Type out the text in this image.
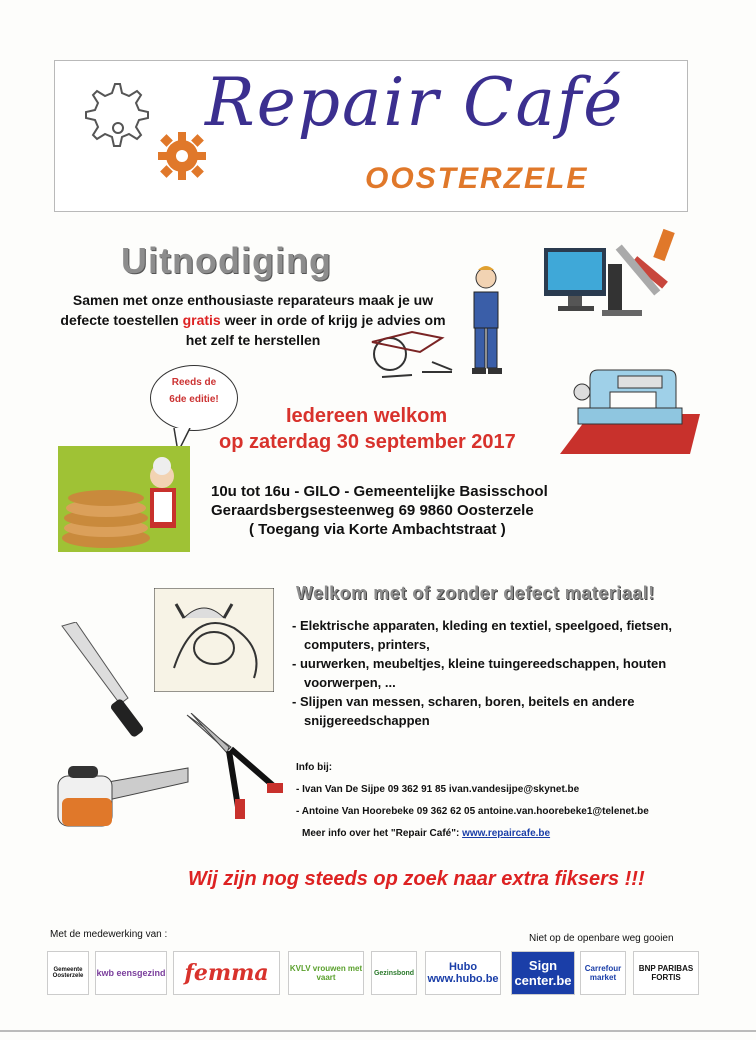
Repair Café
OOSTERZELE
Uitnodiging
Samen met onze enthousiaste reparateurs maak je uw defecte toestellen gratis weer in orde of krijg je advies om het zelf te herstellen
Reeds de
6de editie!
Iedereen welkom
op zaterdag 30 september 2017
10u tot 16u - GILO - Gemeentelijke Basisschool
Geraardsbergsesteenweg 69 9860 Oosterzele
( Toegang via Korte Ambachtstraat )
Welkom met of zonder defect materiaal!
- Elektrische apparaten, kleding en textiel, speelgoed, fietsen, computers, printers,
- uurwerken, meubeltjes, kleine tuingereedschappen, houten voorwerpen, ...
- Slijpen van messen, scharen, boren, beitels en andere snijgereedschappen
Info bij:
- Ivan Van De Sijpe 09 362 91 85 ivan.vandesijpe@skynet.be
- Antoine Van Hoorebeke 09 362 62 05 antoine.van.hoorebeke1@telenet.be
Meer info over het "Repair Café": www.repaircafe.be
Wij zijn nog steeds op zoek naar extra fiksers !!!
Met de medewerking van :	Niet op de openbare weg gooien
Gemeente Oosterzele	kwb eensgezind femma	KVLV vrouwen met vaart	Gezinsbond	Hubo www.hubo.be
Sign center.be
Carrefour market
BNP PARIBAS FORTIS
